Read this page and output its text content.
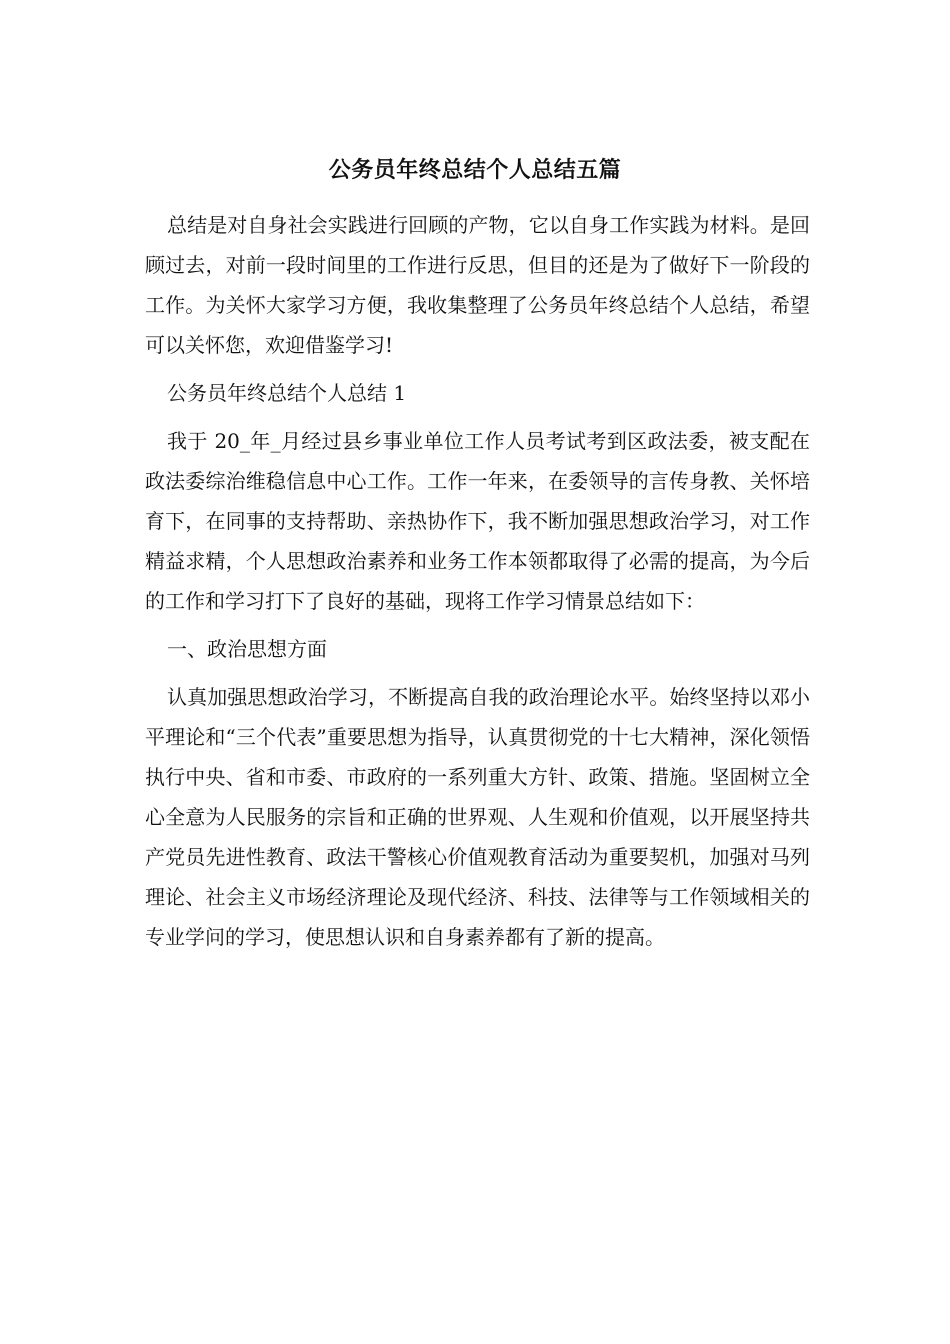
公务员年终总结个人总结五篇

总结是对自身社会实践进行回顾的产物，它以自身工作实践为材料。是回顾过去，对前一段时间里的工作进行反思，但目的还是为了做好下一阶段的工作。为关怀大家学习方便，我收集整理了公务员年终总结个人总结，希望可以关怀您，欢迎借鉴学习!

公务员年终总结个人总结 1

我于 20_年_月经过县乡事业单位工作人员考试考到区政法委，被支配在政法委综治维稳信息中心工作。工作一年来，在委领导的言传身教、关怀培育下，在同事的支持帮助、亲热协作下，我不断加强思想政治学习，对工作精益求精，个人思想政治素养和业务工作本领都取得了必需的提高，为今后的工作和学习打下了良好的基础，现将工作学习情景总结如下：

一、政治思想方面

认真加强思想政治学习，不断提高自我的政治理论水平。始终坚持以邓小平理论和“三个代表”重要思想为指导，认真贯彻党的十七大精神，深化领悟执行中央、省和市委、市政府的一系列重大方针、政策、措施。坚固树立全心全意为人民服务的宗旨和正确的世界观、人生观和价值观，以开展坚持共产党员先进性教育、政法干警核心价值观教育活动为重要契机，加强对马列理论、社会主义市场经济理论及现代经济、科技、法律等与工作领域相关的专业学问的学习，使思想认识和自身素养都有了新的提高。
